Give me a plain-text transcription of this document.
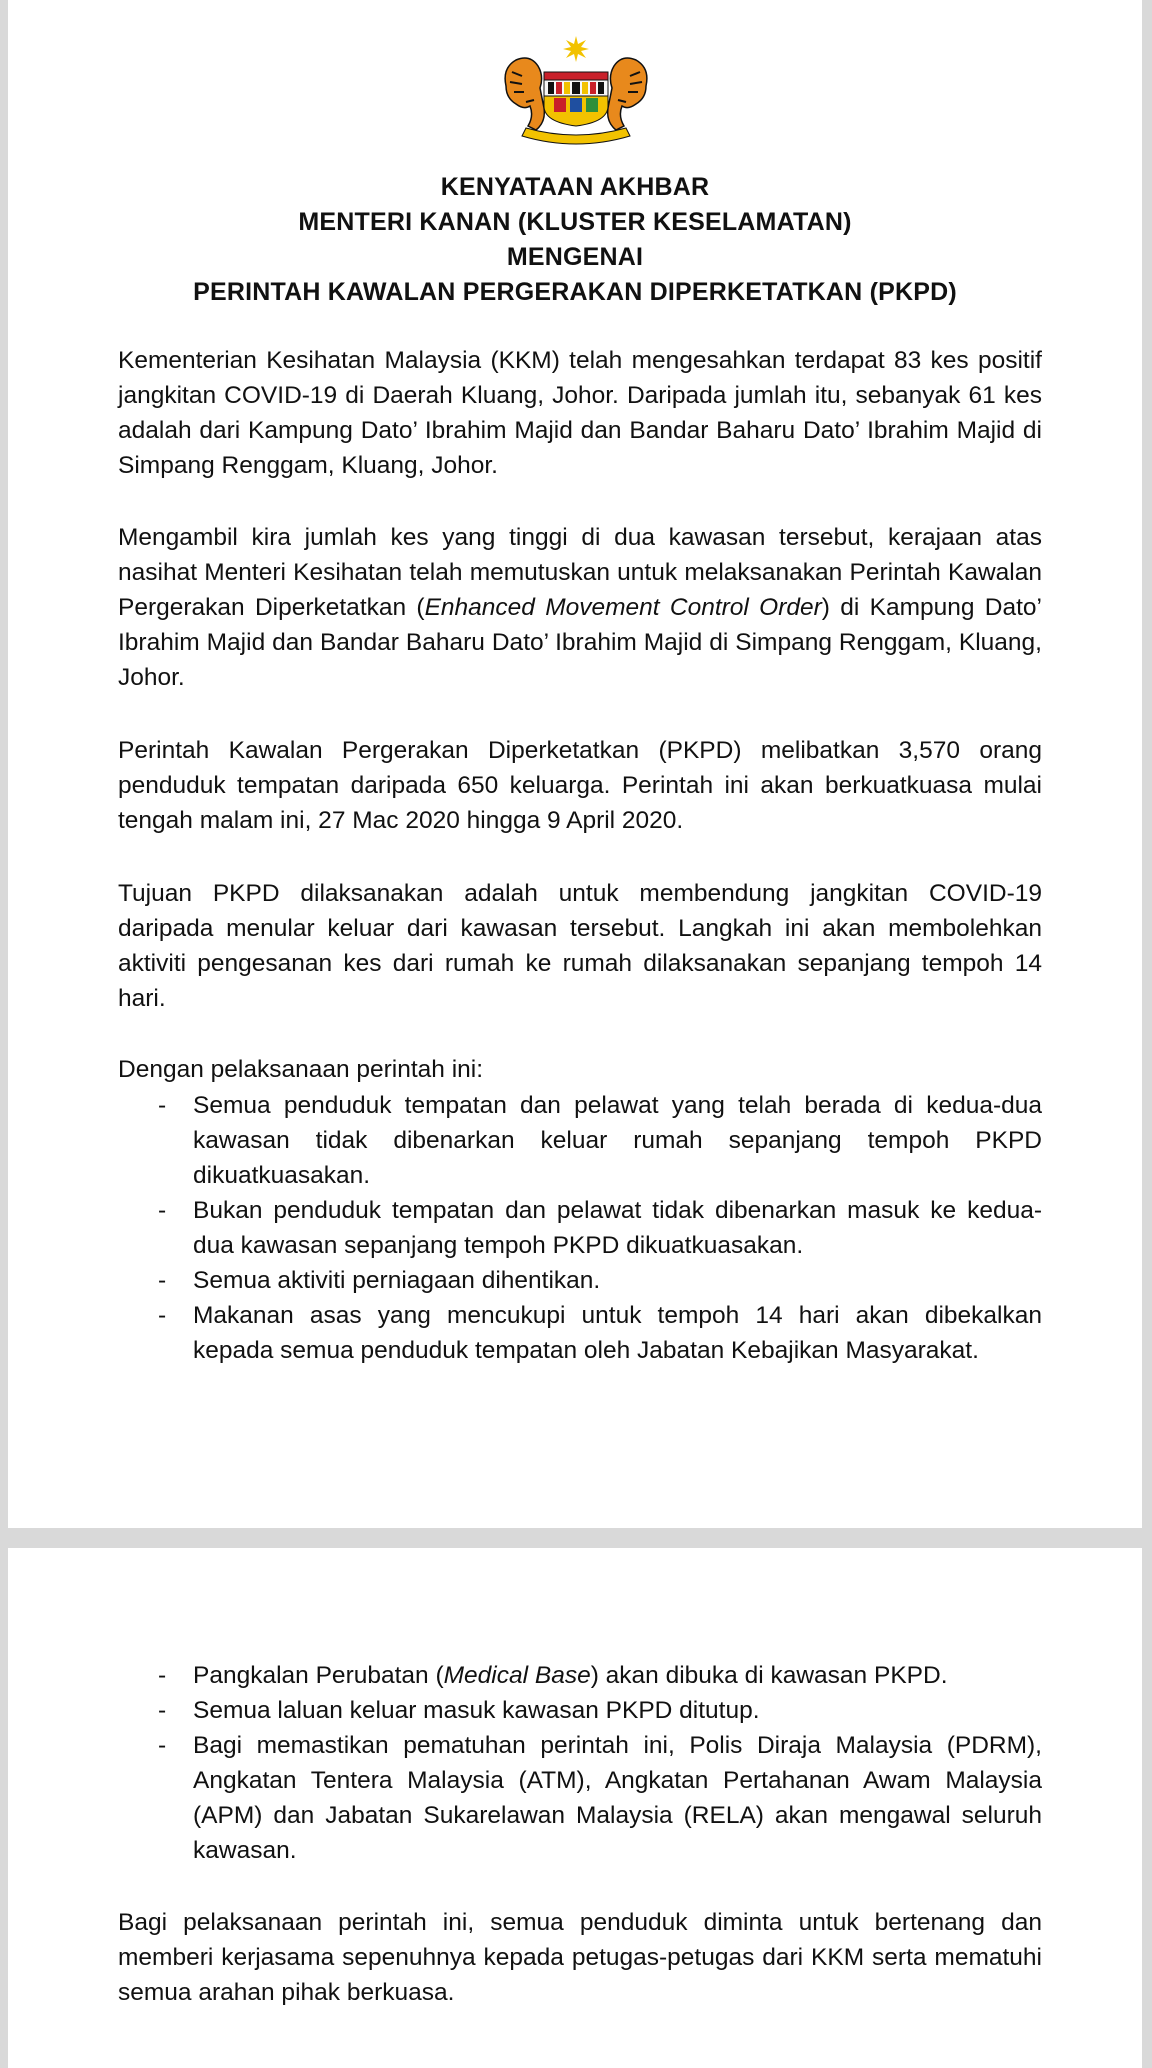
KENYATAAN AKHBAR
MENTERI KANAN (KLUSTER KESELAMATAN)
MENGENAI
PERINTAH KAWALAN PERGERAKAN DIPERKETATKAN (PKPD)

Kementerian Kesihatan Malaysia (KKM) telah mengesahkan terdapat 83 kes positif jangkitan COVID-19 di Daerah Kluang, Johor. Daripada jumlah itu, sebanyak 61 kes adalah dari Kampung Dato’ Ibrahim Majid dan Bandar Baharu Dato’ Ibrahim Majid di Simpang Renggam, Kluang, Johor.

Mengambil kira jumlah kes yang tinggi di dua kawasan tersebut, kerajaan atas nasihat Menteri Kesihatan telah memutuskan untuk melaksanakan Perintah Kawalan Pergerakan Diperketatkan (Enhanced Movement Control Order) di Kampung Dato’ Ibrahim Majid dan Bandar Baharu Dato’ Ibrahim Majid di Simpang Renggam, Kluang, Johor.

Perintah Kawalan Pergerakan Diperketatkan (PKPD) melibatkan 3,570 orang penduduk tempatan daripada 650 keluarga. Perintah ini akan berkuatkuasa mulai tengah malam ini, 27 Mac 2020 hingga 9 April 2020.

Tujuan PKPD dilaksanakan adalah untuk membendung jangkitan COVID-19 daripada menular keluar dari kawasan tersebut. Langkah ini akan membolehkan aktiviti pengesanan kes dari rumah ke rumah dilaksanakan sepanjang tempoh 14 hari.

Dengan pelaksanaan perintah ini:

- Semua penduduk tempatan dan pelawat yang telah berada di kedua-dua kawasan tidak dibenarkan keluar rumah sepanjang tempoh PKPD dikuatkuasakan.
- Bukan penduduk tempatan dan pelawat tidak dibenarkan masuk ke kedua-dua kawasan sepanjang tempoh PKPD dikuatkuasakan.
- Semua aktiviti perniagaan dihentikan.
- Makanan asas yang mencukupi untuk tempoh 14 hari akan dibekalkan kepada semua penduduk tempatan oleh Jabatan Kebajikan Masyarakat.
- Pangkalan Perubatan (Medical Base) akan dibuka di kawasan PKPD.
- Semua laluan keluar masuk kawasan PKPD ditutup.
- Bagi memastikan pematuhan perintah ini, Polis Diraja Malaysia (PDRM), Angkatan Tentera Malaysia (ATM), Angkatan Pertahanan Awam Malaysia (APM) dan Jabatan Sukarelawan Malaysia (RELA) akan mengawal seluruh kawasan.

Bagi pelaksanaan perintah ini, semua penduduk diminta untuk bertenang dan memberi kerjasama sepenuhnya kepada petugas-petugas dari KKM serta mematuhi semua arahan pihak berkuasa.
